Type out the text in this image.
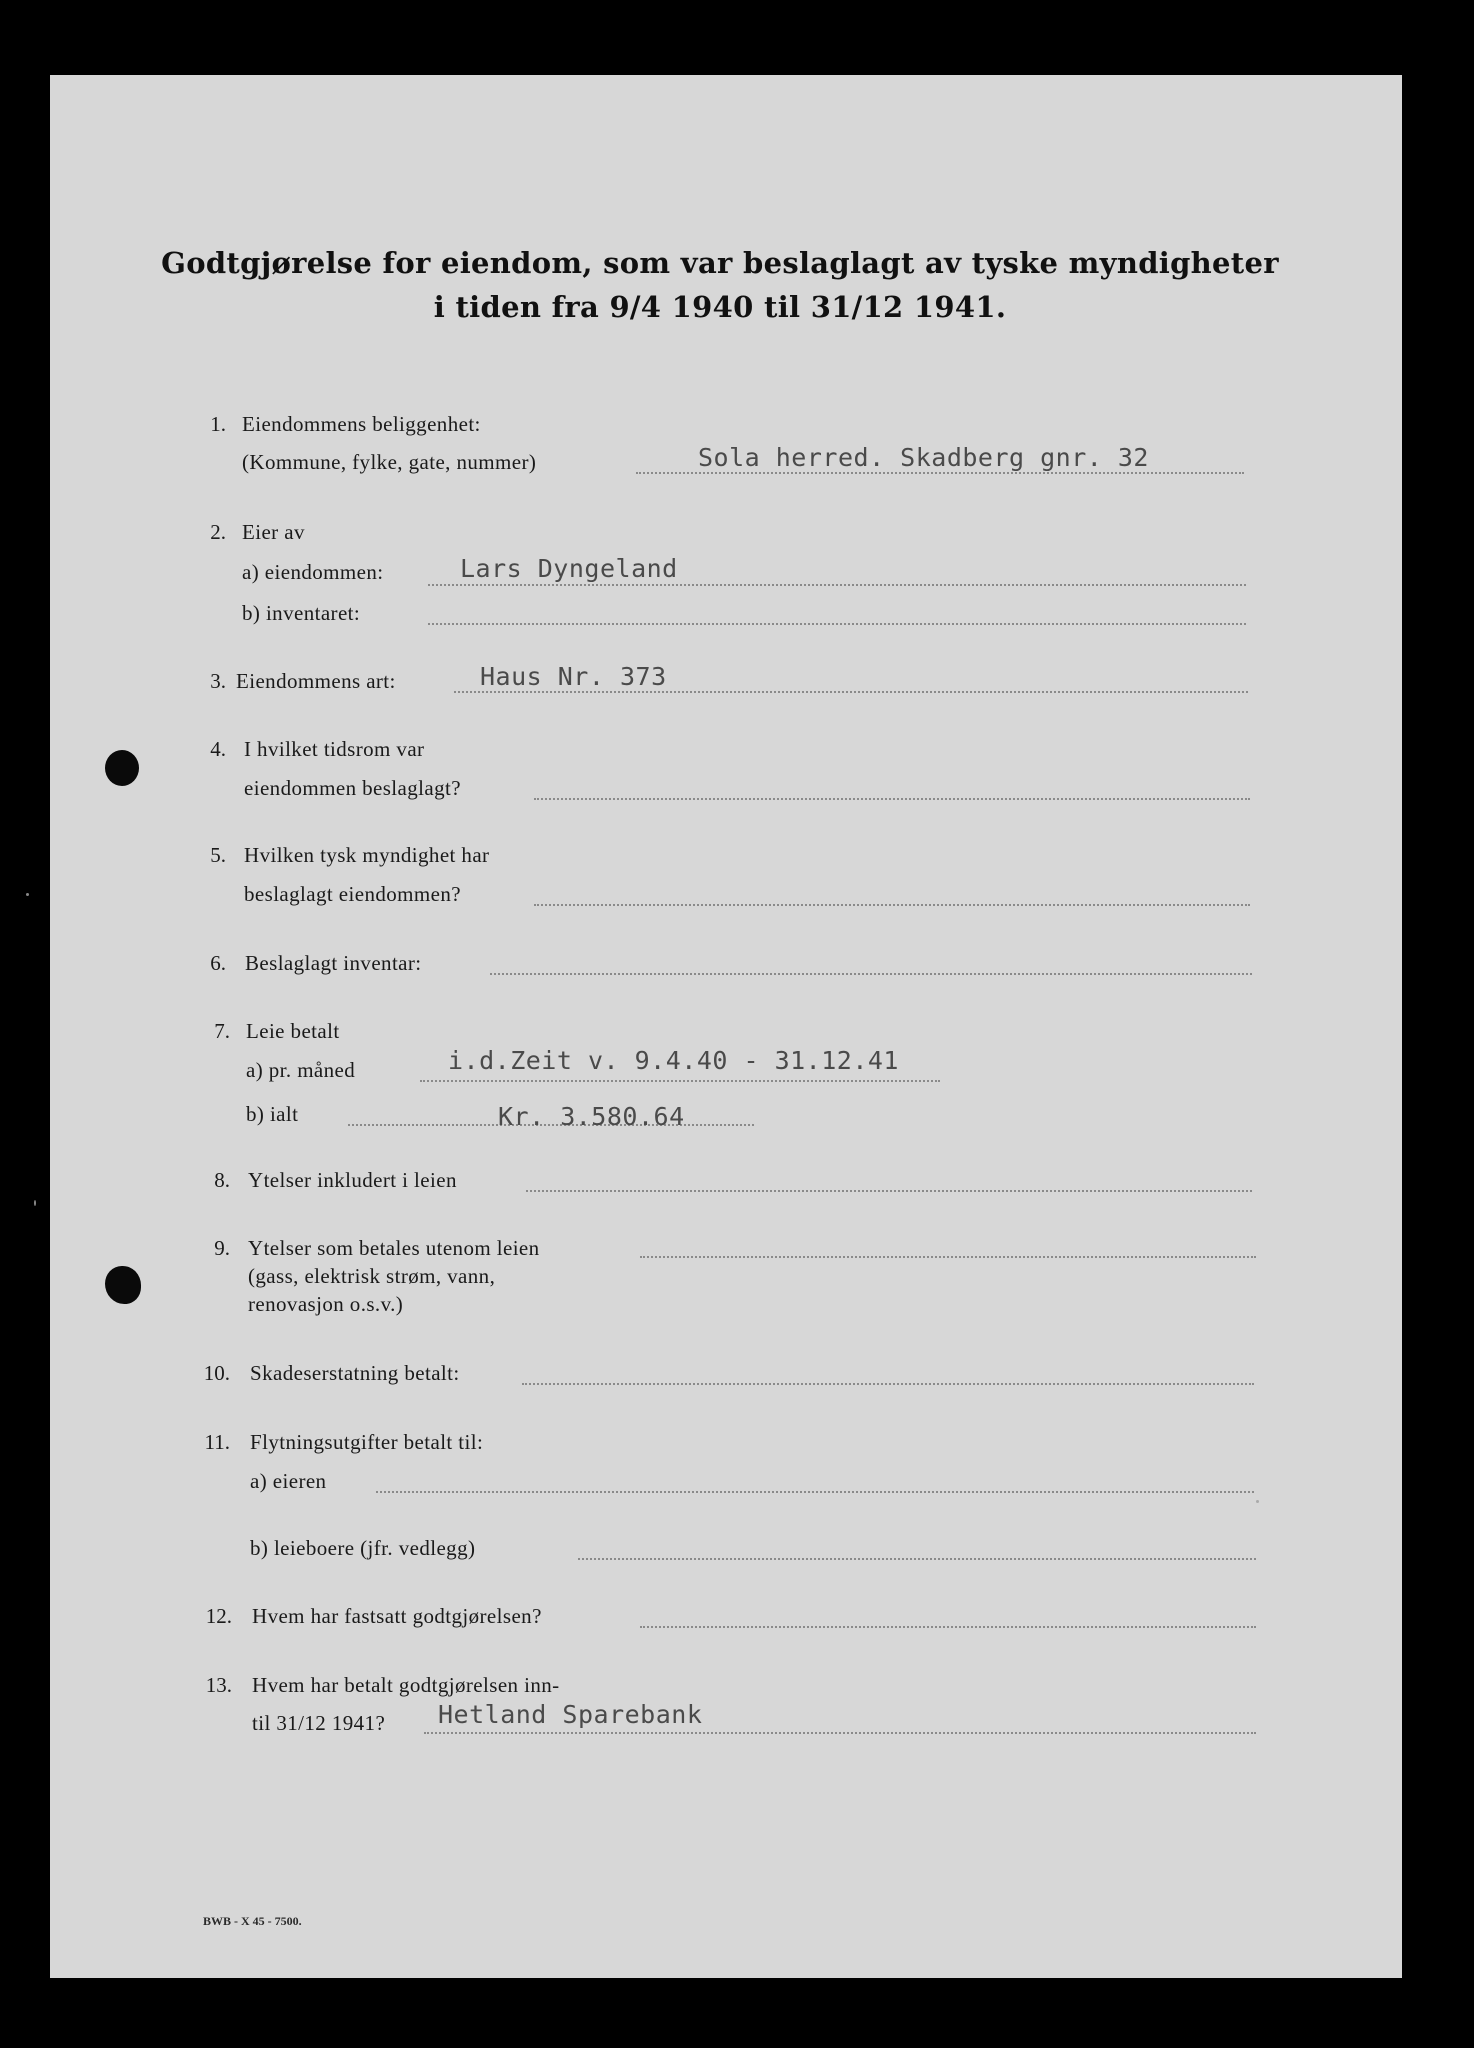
Godtgjørelse for eiendom, som var beslaglagt av tyske myndigheter
i tiden fra 9/4 1940 til 31/12 1941.
1. Eiendommens beliggenhet:
(Kommune, fylke, gate, nummer)	Sola herred. Skadberg gnr. 32
2. Eier av
a) eiendommen:	Lars Dyngeland
b) inventaret:
3. Eiendommens art:	Haus Nr. 373
4. I hvilket tidsrom var
eiendommen beslaglagt?
5. Hvilken tysk myndighet har
beslaglagt eiendommen?
6. Beslaglagt inventar:
7. Leie betalt
a) pr. måned	i.d.Zeit v. 9.4.40 - 31.12.41
b) ialt	Kr. 3.580.64
8. Ytelser inkludert i leien
9. Ytelser som betales utenom leien
(gass, elektrisk strøm, vann,
renovasjon o.s.v.)
10. Skadeserstatning betalt:
11. Flytningsutgifter betalt til:
a) eieren
b) leieboere (jfr. vedlegg)
12. Hvem har fastsatt godtgjørelsen?
13. Hvem har betalt godtgjørelsen inn-
til 31/12 1941? Hetland Sparebank
BWB - X 45 - 7500.
